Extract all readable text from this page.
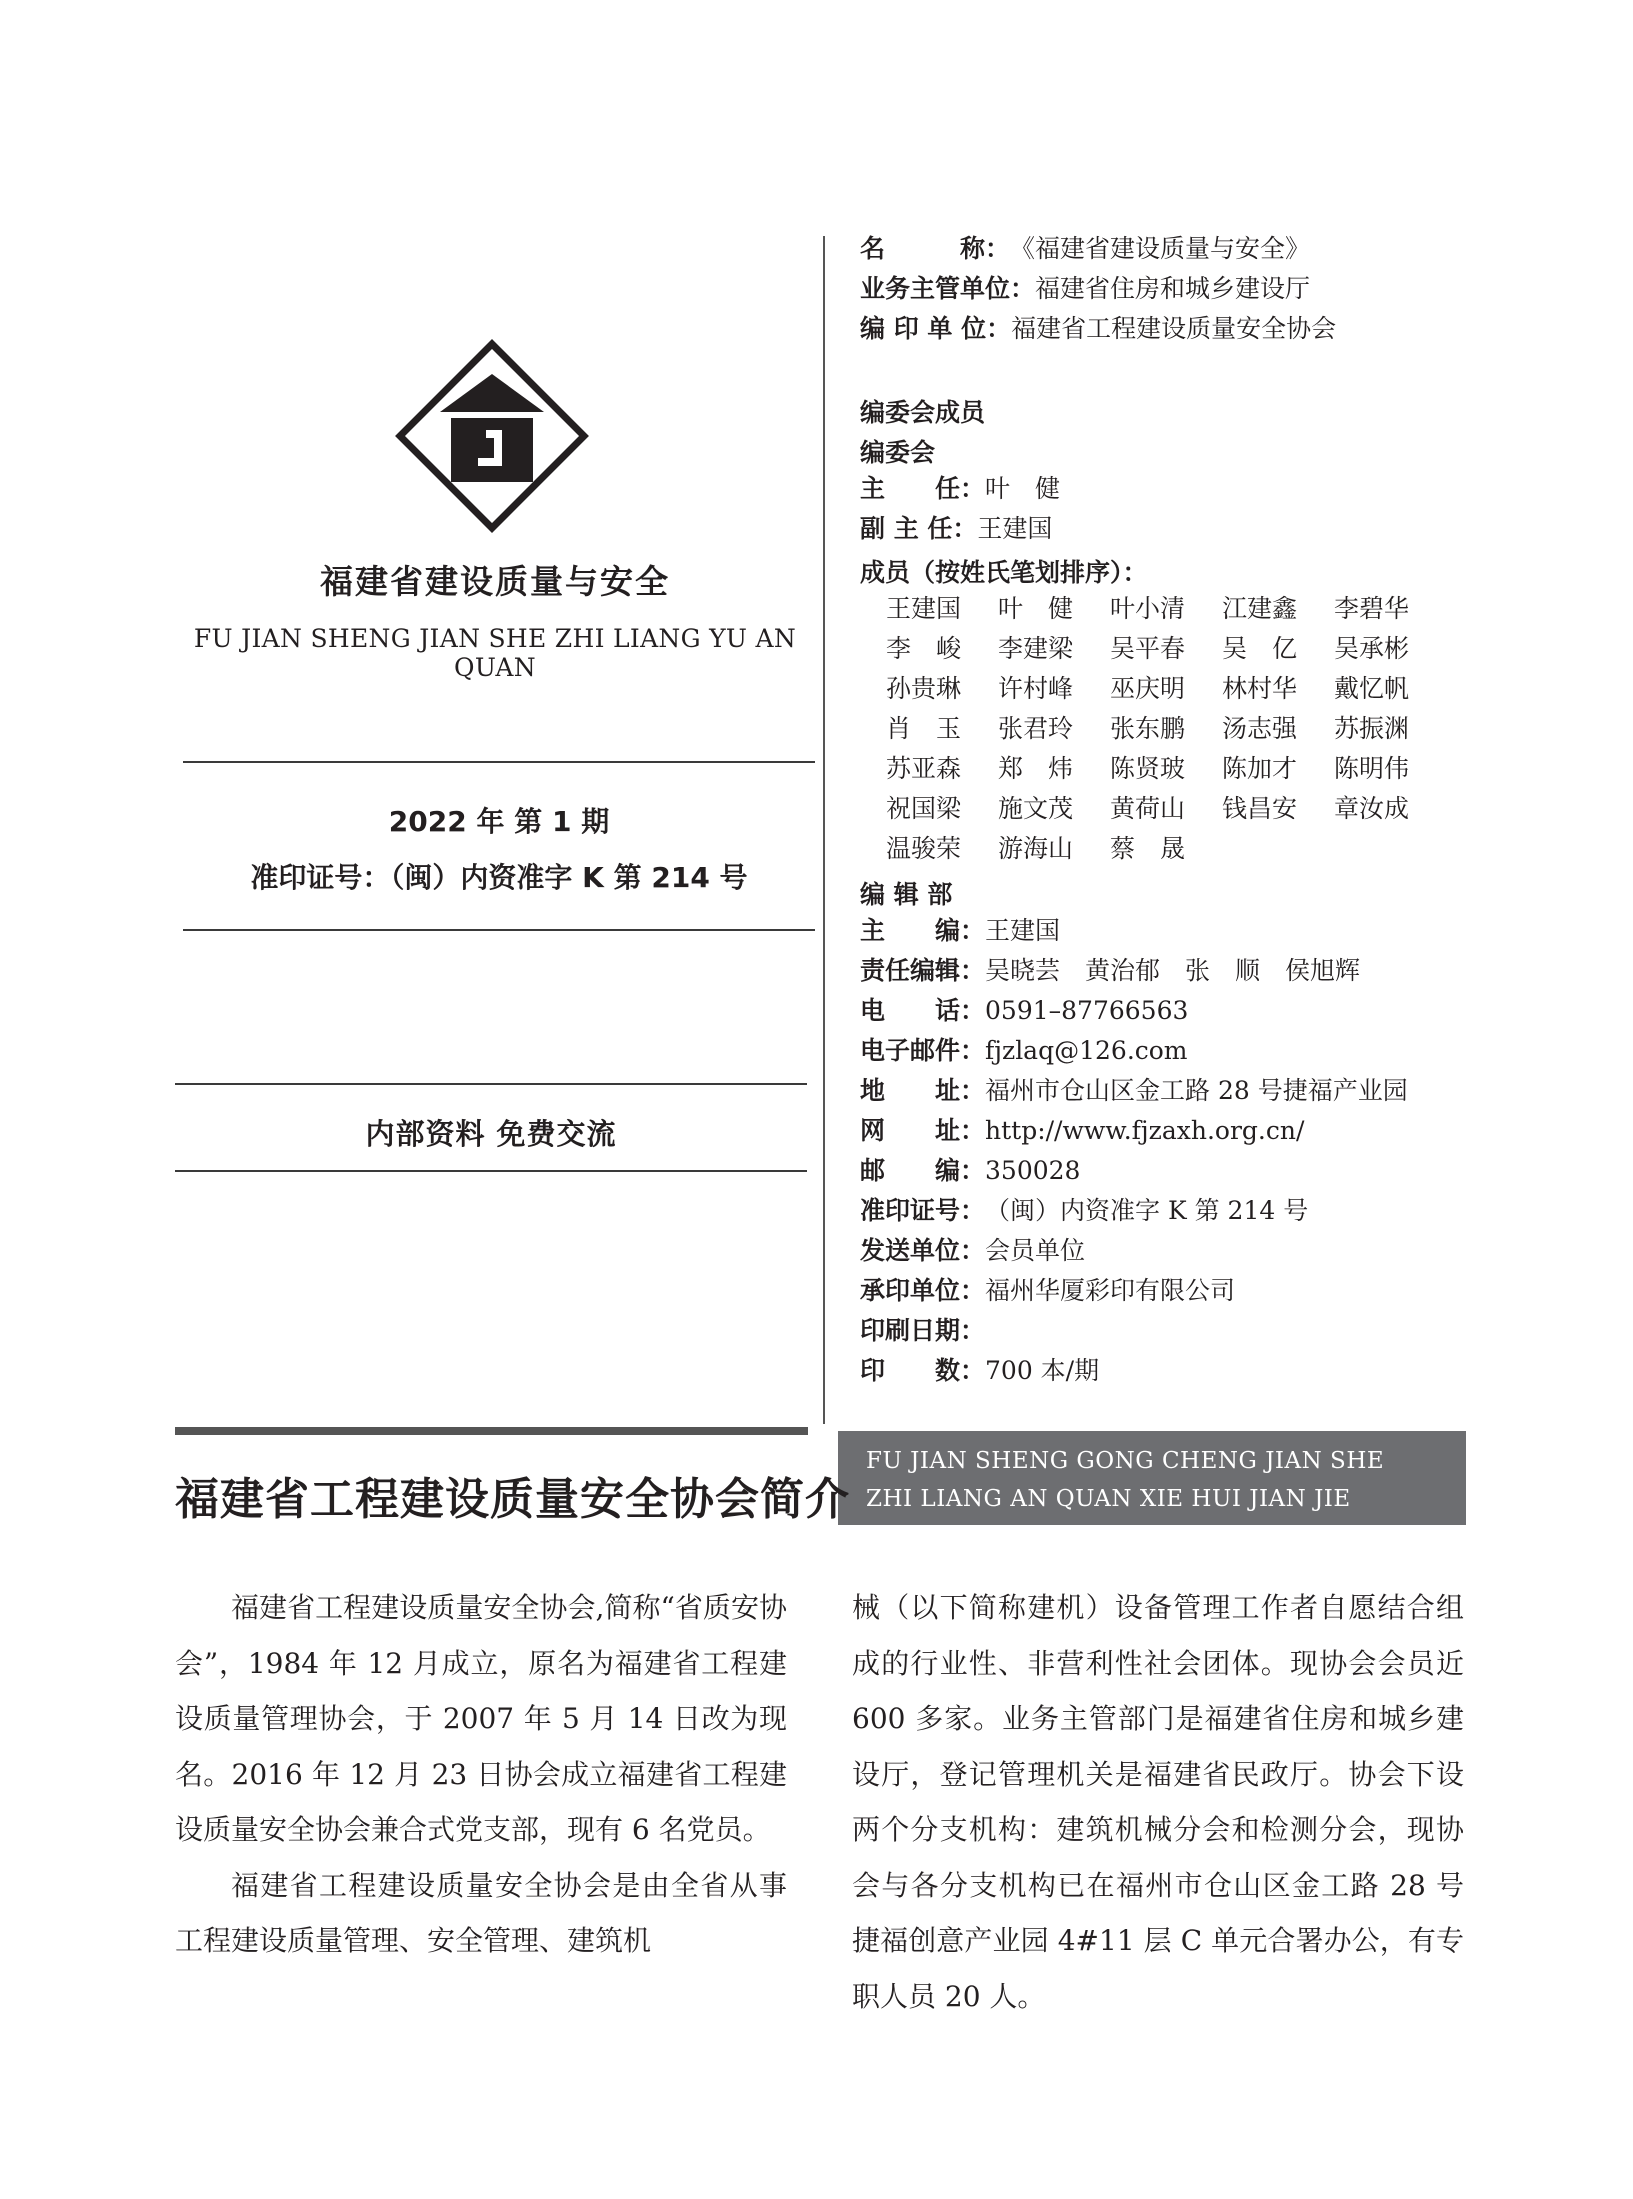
福建省建设质量与安全
FU JIAN SHENG JIAN SHE ZHI LIANG YU AN QUAN
2022 年 第 1 期
准印证号：（闽）内资准字 K 第 214 号
内部资料 免费交流
名　　　称：《福建省建设质量与安全》
业务主管单位：福建省住房和城乡建设厅
编 印 单 位：福建省工程建设质量安全协会
编委会成员
编委会
主　　任：叶　健
副 主 任：王建国
成员（按姓氏笔划排序）：
王建国 叶　健 叶小清 江建鑫 李碧华
李　峻 李建梁 吴平春 吴　亿 吴承彬
孙贵琳 许村峰 巫庆明 林村华 戴忆帆
肖　玉 张君玲 张东鹏 汤志强 苏振渊
苏亚森 郑　炜 陈贤玻 陈加才 陈明伟
祝国梁 施文茂 黄荷山 钱昌安 章汝成
温骏荣 游海山 蔡　晟
编 辑 部
主　　编：王建国
责任编辑：吴晓芸　黄治郁　张　顺　侯旭辉
电　　话：0591–87766563
电子邮件：fjzlaq@126.com
地　　址：福州市仓山区金工路 28 号捷福产业园
网　　址：http://www.fjzaxh.org.cn/
邮　　编：350028
准印证号：（闽）内资准字 K 第 214 号
发送单位：会员单位
承印单位：福州华厦彩印有限公司
印刷日期：
印　　数：700 本/期
FU JIAN SHENG GONG CHENG JIAN SHE
ZHI LIANG AN QUAN XIE HUI JIAN JIE
福建省工程建设质量安全协会简介

福建省工程建设质量安全协会,简称“省质安协会”，1984 年 12 月成立，原名为福建省工程建设质量管理协会，于 2007 年 5 月 14 日改为现名。2016 年 12 月 23 日协会成立福建省工程建设质量安全协会兼合式党支部，现有 6 名党员。

福建省工程建设质量安全协会是由全省从事工程建设质量管理、安全管理、建筑机

械（以下简称建机）设备管理工作者自愿结合组成的行业性、非营利性社会团体。现协会会员近 600 多家。业务主管部门是福建省住房和城乡建设厅，登记管理机关是福建省民政厅。协会下设两个分支机构：建筑机械分会和检测分会，现协会与各分支机构已在福州市仓山区金工路 28 号捷福创意产业园 4#11 层 C 单元合署办公，有专职人员 20 人。
